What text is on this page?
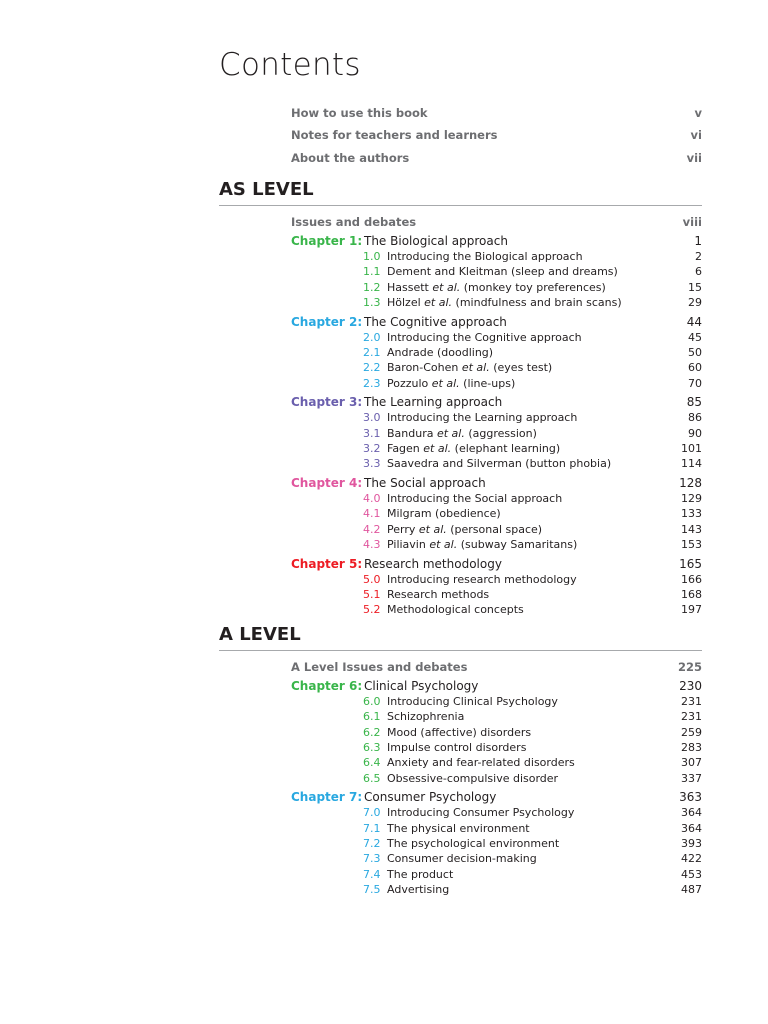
Contents
How to use this book	v
Notes for teachers and learners	vi
About the authors	vii
AS LEVEL
Issues and debates	viii
Chapter 1: The Biological approach	1
1.0 Introducing the Biological approach	2
1.1 Dement and Kleitman (sleep and dreams)	6
1.2 Hassett et al. (monkey toy preferences)	15
1.3 Hölzel et al. (mindfulness and brain scans)	29
Chapter 2: The Cognitive approach	44
2.0 Introducing the Cognitive approach	45
2.1 Andrade (doodling)	50
2.2 Baron-Cohen et al. (eyes test)	60
2.3 Pozzulo et al. (line-ups)	70
Chapter 3: The Learning approach	85
3.0 Introducing the Learning approach	86
3.1 Bandura et al. (aggression)	90
3.2 Fagen et al. (elephant learning)	101
3.3 Saavedra and Silverman (button phobia)	114
Chapter 4: The Social approach	128
4.0 Introducing the Social approach	129
4.1 Milgram (obedience)	133
4.2 Perry et al. (personal space)	143
4.3 Piliavin et al. (subway Samaritans)	153
Chapter 5: Research methodology	165
5.0 Introducing research methodology	166
5.1 Research methods	168
5.2 Methodological concepts	197
A LEVEL
A Level Issues and debates	225
Chapter 6: Clinical Psychology	230
6.0 Introducing Clinical Psychology	231
6.1 Schizophrenia	231
6.2 Mood (affective) disorders	259
6.3 Impulse control disorders	283
6.4 Anxiety and fear-related disorders	307
6.5 Obsessive-compulsive disorder	337
Chapter 7: Consumer Psychology	363
7.0 Introducing Consumer Psychology	364
7.1 The physical environment	364
7.2 The psychological environment	393
7.3 Consumer decision-making	422
7.4 The product	453
7.5 Advertising	487
